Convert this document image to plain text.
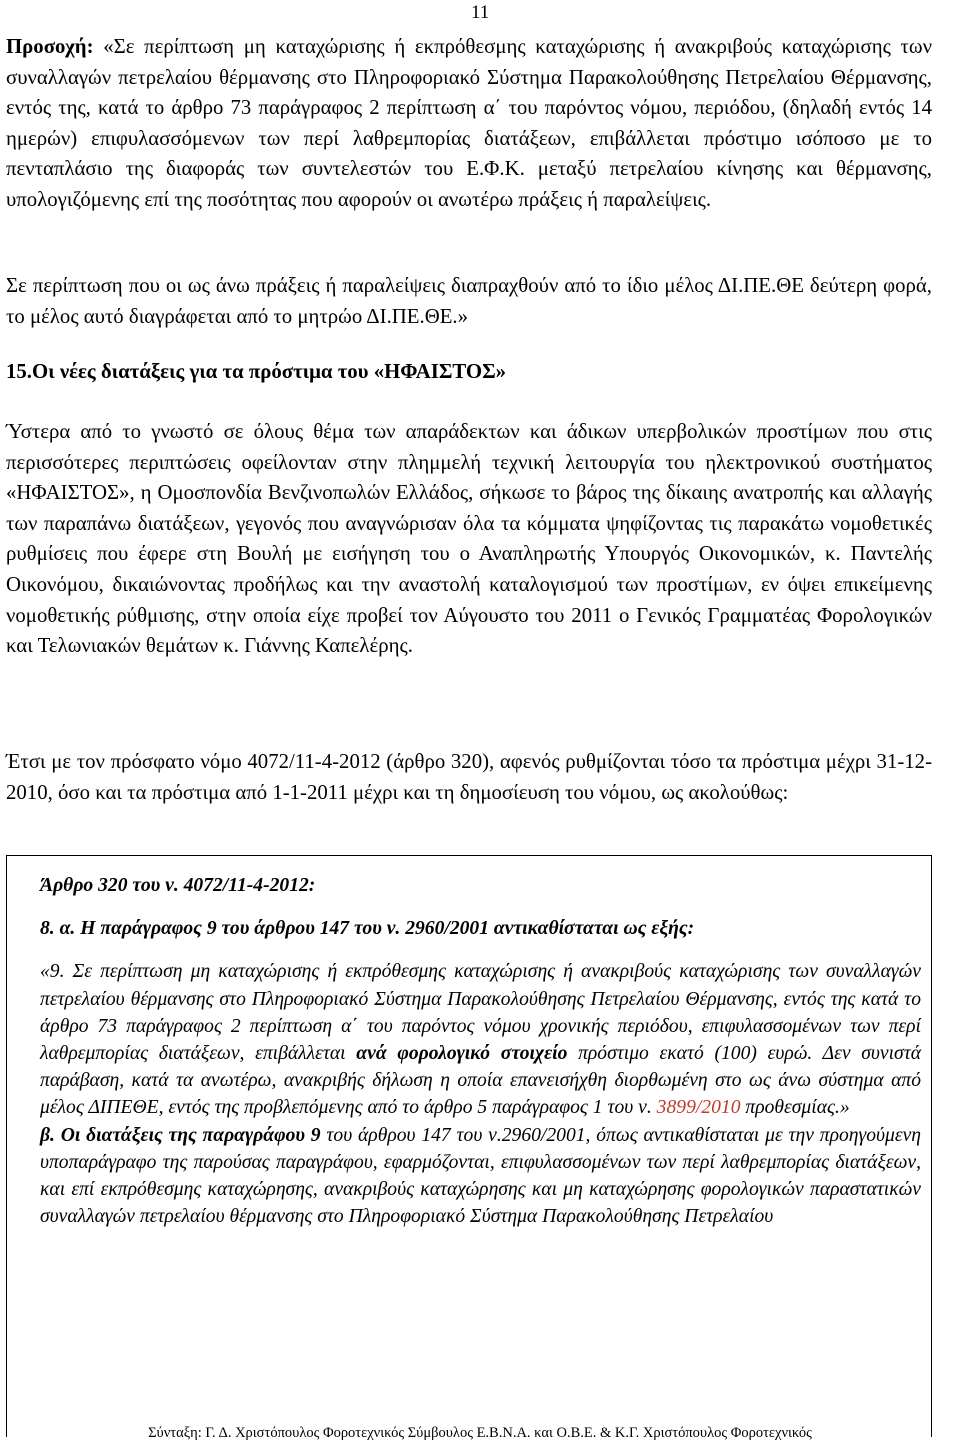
11

Προσοχή: «Σε περίπτωση μη καταχώρισης ή εκπρόθεσμης καταχώρισης ή ανακριβούς καταχώρισης των συναλλαγών πετρελαίου θέρμανσης στο Πληροφοριακό Σύστημα Παρακολούθησης Πετρελαίου Θέρμανσης, εντός της, κατά το άρθρο 73 παράγραφος 2 περίπτωση α΄ του παρόντος νόμου, περιόδου, (δηλαδή εντός 14 ημερών) επιφυλασσόμενων των περί λαθρεμπορίας διατάξεων, επιβάλλεται πρόστιμο ισόποσο με το πενταπλάσιο της διαφοράς των συντελεστών του Ε.Φ.Κ. μεταξύ πετρελαίου κίνησης και θέρμανσης, υπολογιζόμενης επί της ποσότητας που αφορούν οι ανωτέρω πράξεις ή παραλείψεις.

Σε περίπτωση που οι ως άνω πράξεις ή παραλείψεις διαπραχθούν από το ίδιο μέλος ΔΙ.ΠΕ.ΘΕ δεύτερη φορά, το μέλος αυτό διαγράφεται από το μητρώο ΔΙ.ΠΕ.ΘΕ.»

15.Οι νέες διατάξεις για τα πρόστιμα του «ΗΦΑΙΣΤΟΣ»

Ύστερα από το γνωστό σε όλους θέμα των απαράδεκτων και άδικων υπερβολικών προστίμων που στις περισσότερες περιπτώσεις οφείλονταν στην πλημμελή τεχνική λειτουργία του ηλεκτρονικού συστήματος «ΗΦΑΙΣΤΟΣ», η Ομοσπονδία Βενζινοπωλών Ελλάδος, σήκωσε το βάρος της δίκαιης ανατροπής και αλλαγής των παραπάνω διατάξεων, γεγονός που αναγνώρισαν όλα τα κόμματα ψηφίζοντας τις παρακάτω νομοθετικές ρυθμίσεις που έφερε στη Βουλή με εισήγηση του ο Αναπληρωτής Υπουργός Οικονομικών, κ. Παντελής Οικονόμου, δικαιώνοντας προδήλως και την αναστολή καταλογισμού των προστίμων, εν όψει επικείμενης νομοθετικής ρύθμισης, στην οποία είχε προβεί τον Αύγουστο του 2011 ο Γενικός Γραμματέας Φορολογικών και Τελωνιακών θεμάτων κ. Γιάννης Καπελέρης.

Έτσι με τον πρόσφατο νόμο 4072/11-4-2012 (άρθρο 320), αφενός ρυθμίζονται τόσο τα πρόστιμα μέχρι 31-12-2010, όσο και τα πρόστιμα από 1-1-2011 μέχρι και τη δημοσίευση του νόμου, ως ακολούθως:

Άρθρο 320 του ν. 4072/11-4-2012:

8. α. Η παράγραφος 9 του άρθρου 147 του ν. 2960/2001 αντικαθίσταται ως εξής:

«9. Σε περίπτωση μη καταχώρισης ή εκπρόθεσμης καταχώρισης ή ανακριβούς καταχώρισης των συναλλαγών πετρελαίου θέρμανσης στο Πληροφοριακό Σύστημα Παρακολούθησης Πετρελαίου Θέρμανσης, εντός της κατά το άρθρο 73 παράγραφος 2 περίπτωση α΄ του παρόντος νόμου χρονικής περιόδου, επιφυλασσομένων των περί λαθρεμπορίας διατάξεων, επιβάλλεται ανά φορολογικό στοιχείο πρόστιμο εκατό (100) ευρώ. Δεν συνιστά παράβαση, κατά τα ανωτέρω, ανακριβής δήλωση η οποία επανεισήχθη διορθωμένη στο ως άνω σύστημα από μέλος ΔΙΠΕΘΕ, εντός της προβλεπόμενης από το άρθρο 5 παράγραφος 1 του ν. 3899/2010 προθεσμίας.»
β. Οι διατάξεις της παραγράφου 9 του άρθρου 147 του ν.2960/2001, όπως αντικαθίσταται με την προηγούμενη υποπαράγραφο της παρούσας παραγράφου, εφαρμόζονται, επιφυλασσομένων των περί λαθρεμπορίας διατάξεων, και επί εκπρόθεσμης καταχώρησης, ανακριβούς καταχώρησης και μη καταχώρησης φορολογικών παραστατικών συναλλαγών πετρελαίου θέρμανσης στο Πληροφοριακό Σύστημα Παρακολούθησης Πετρελαίου

Σύνταξη: Γ. Δ. Χριστόπουλος Φοροτεχνικός Σύμβουλος Ε.Β.Ν.Α. και Ο.Β.Ε. & Κ.Γ. Χριστόπουλος Φοροτεχνικός
